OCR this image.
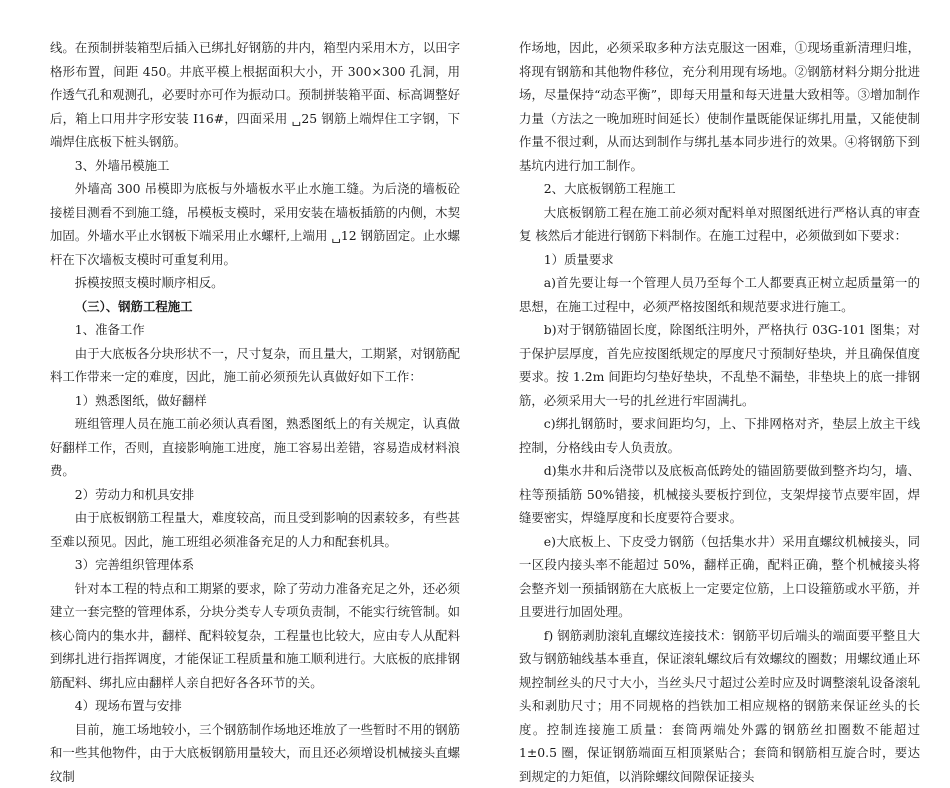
线。在预制拼装箱型后插入已绑扎好钢筋的井内，箱型内采用木方，以田字格形布置，间距 450。井底平模上根据面积大小，开 300×300 孔洞，用作透气孔和观测孔，必要时亦可作为振动口。预制拼装箱平面、标高调整好后，箱上口用井字形安装 I16#，四面采用 ␣25 钢筋上端焊住工字钢，下端焊住底板下桩头钢筋。

3、外墙吊模施工

外墙高 300 吊模即为底板与外墙板水平止水施工缝。为后浇的墙板砼接槎目测看不到施工缝，吊模板支模时，采用安装在墙板插筋的内侧，木契加固。外墙水平止水钢板下端采用止水螺杆,上端用 ␣12 钢筋固定。止水螺杆在下次墙板支模时可重复利用。

拆模按照支模时顺序相反。

（三）、钢筋工程施工

1、准备工作

由于大底板各分块形状不一，尺寸复杂，而且量大，工期紧，对钢筋配料工作带来一定的难度，因此，施工前必须预先认真做好如下工作：

1）熟悉图纸，做好翻样

班组管理人员在施工前必须认真看图，熟悉图纸上的有关规定，认真做好翻样工作，否则，直接影响施工进度，施工容易出差错，容易造成材料浪费。

2）劳动力和机具安排

由于底板钢筋工程量大，难度较高，而且受到影响的因素较多，有些甚至难以预见。因此，施工班组必须准备充足的人力和配套机具。

3）完善组织管理体系

针对本工程的特点和工期紧的要求，除了劳动力准备充足之外，还必须建立一套完整的管理体系，分块分类专人专项负责制，不能实行统管制。如核心筒内的集水井，翻样、配料较复杂，工程量也比较大，应由专人从配料到绑扎进行指挥调度，才能保证工程质量和施工顺利进行。大底板的底排钢筋配料、绑扎应由翻样人亲自把好各各环节的关。

4）现场布置与安排

目前，施工场地较小，三个钢筋制作场地还堆放了一些暂时不用的钢筋和一些其他物件，由于大底板钢筋用量较大，而且还必须增设机械接头直螺纹制

作场地，因此，必须采取多种方法克服这一困难，①现场重新清理归堆，将现有钢筋和其他物件移位，充分利用现有场地。②钢筋材料分期分批进场，尽量保持“动态平衡”，即每天用量和每天进量大致相等。③增加制作力量（方法之一晚加班时间延长）使制作量既能保证绑扎用量，又能使制作量不很过剩，从而达到制作与绑扎基本同步进行的效果。④将钢筋下到基坑内进行加工制作。

2、大底板钢筋工程施工

大底板钢筋工程在施工前必须对配料单对照图纸进行严格认真的审查复 核然后才能进行钢筋下料制作。在施工过程中，必须做到如下要求：

1）质量要求

a)首先要让每一个管理人员乃至每个工人都要真正树立起质量第一的思想，在施工过程中，必须严格按图纸和规范要求进行施工。

b)对于钢筋锚固长度，除图纸注明外，严格执行 03G-101 图集；对于保护层厚度，首先应按图纸规定的厚度尺寸预制好垫块，并且确保值度要求。按 1.2m 间距均匀垫好垫块，不乱垫不漏垫，非垫块上的底一排钢筋，必须采用大一号的扎丝进行牢固满扎。

c)绑扎钢筋时，要求间距均匀，上、下排网格对齐，垫层上放主干线控制，分格线由专人负责放。

d)集水井和后浇带以及底板高低跨处的锚固筋要做到整齐均匀，墙、柱等预插筋 50%错接，机械接头要板拧到位，支架焊接节点要牢固，焊缝要密实，焊缝厚度和长度要符合要求。

e)大底板上、下皮受力钢筋（包括集水井）采用直螺纹机械接头，同一区段内接头率不能超过 50%，翻样正确，配料正确，整个机械接头将会整齐划一预插钢筋在大底板上一定要定位筋，上口设箍筋或水平筋，并且要进行加固处理。

f) 钢筋剥肋滚轧直螺纹连接技术：钢筋平切后端头的端面要平整且大致与钢筋轴线基本垂直，保证滚轧螺纹后有效螺纹的圈数；用螺纹通止环规控制丝头的尺寸大小，当丝头尺寸超过公差时应及时调整滚轧设备滚轧头和剥肋尺寸；用不同规格的挡铁加工相应规格的钢筋来保证丝头的长度。控制连接施工质量：套筒两端处外露的钢筋丝扣圈数不能超过 1±0.5 圈，保证钢筋端面互相顶紧贴合；套筒和钢筋相互旋合时，要达到规定的力矩值，以消除螺纹间隙保证接头
